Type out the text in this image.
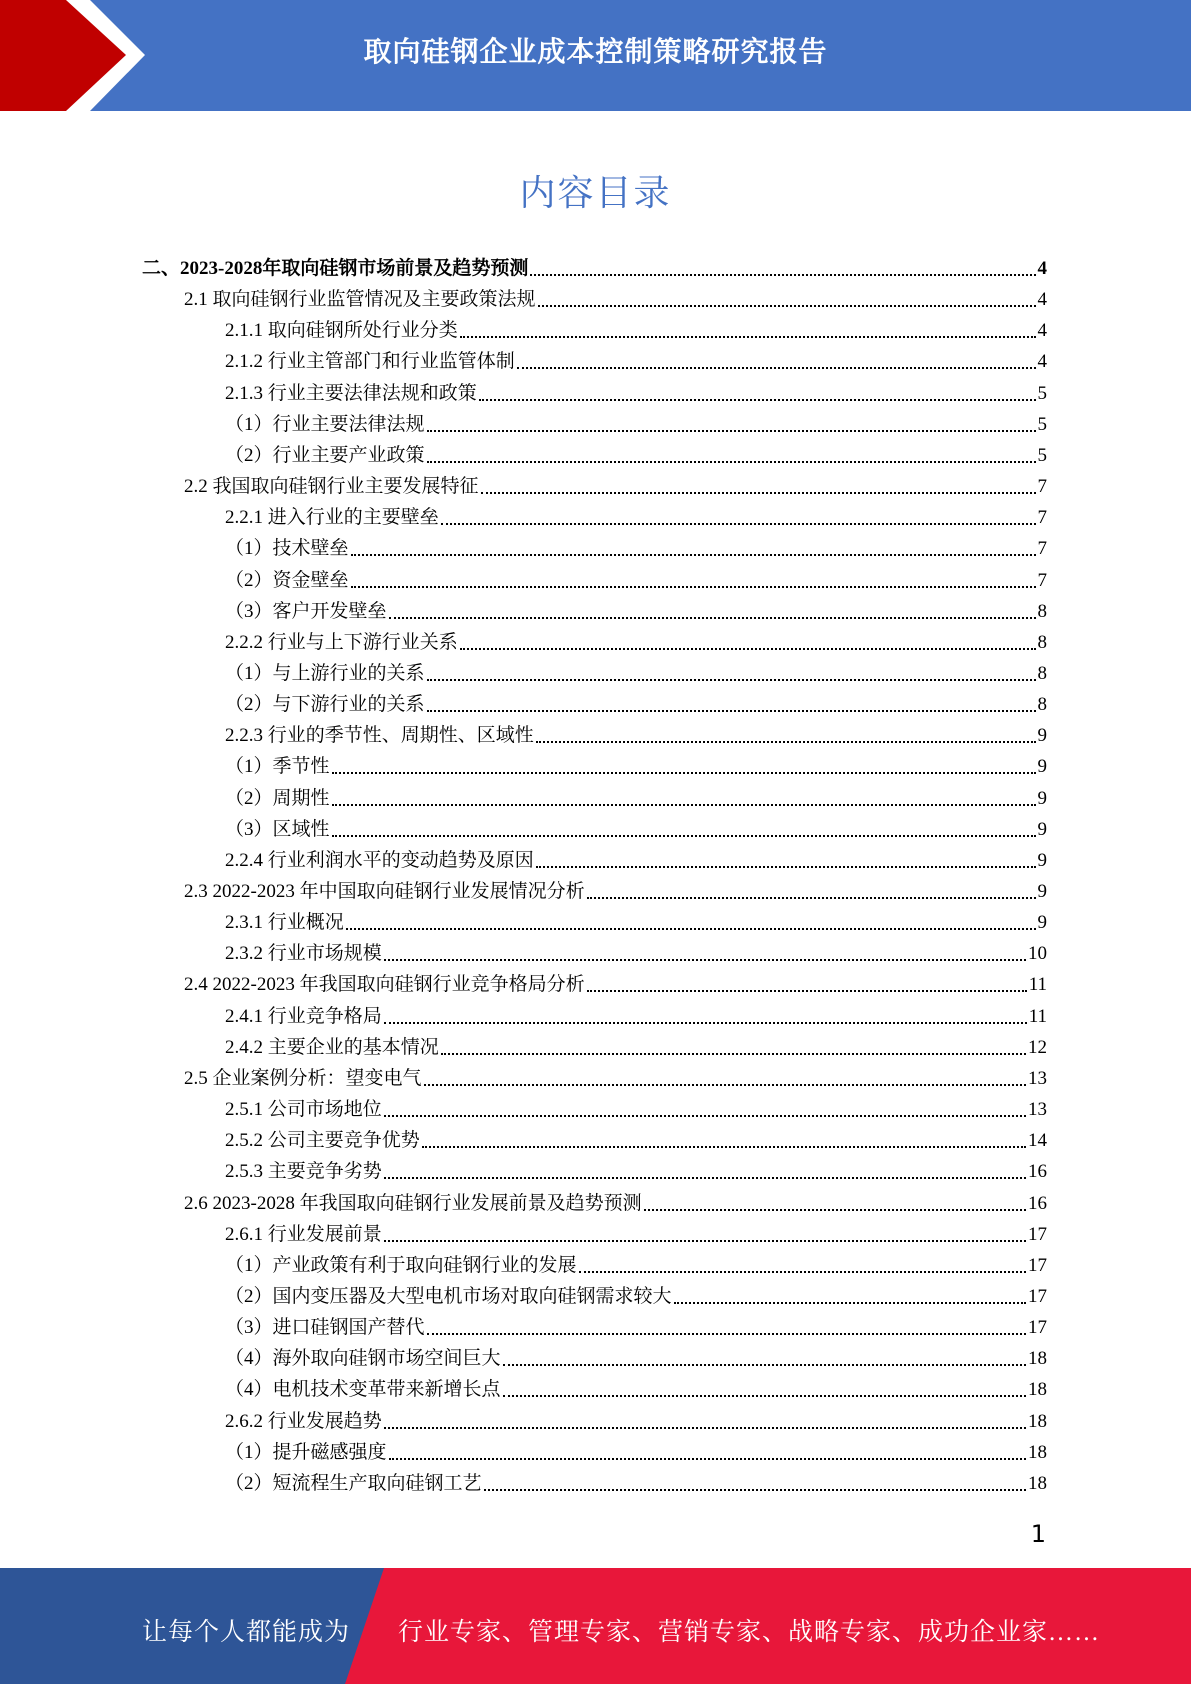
取向硅钢企业成本控制策略研究报告
内容目录
二、2023-2028年取向硅钢市场前景及趋势预测	4
2.1 取向硅钢行业监管情况及主要政策法规	4
2.1.1 取向硅钢所处行业分类	4
2.1.2 行业主管部门和行业监管体制	4
2.1.3 行业主要法律法规和政策	5
（1）行业主要法律法规	5
（2）行业主要产业政策	5
2.2 我国取向硅钢行业主要发展特征	7
2.2.1 进入行业的主要壁垒	7
（1）技术壁垒	7
（2）资金壁垒	7
（3）客户开发壁垒	8
2.2.2 行业与上下游行业关系	8
（1）与上游行业的关系	8
（2）与下游行业的关系	8
2.2.3 行业的季节性、周期性、区域性	9
（1）季节性	9
（2）周期性	9
（3）区域性	9
2.2.4 行业利润水平的变动趋势及原因	9
2.3 2022-2023 年中国取向硅钢行业发展情况分析	9
2.3.1 行业概况	9
2.3.2 行业市场规模	10
2.4 2022-2023 年我国取向硅钢行业竞争格局分析	11
2.4.1 行业竞争格局	11
2.4.2 主要企业的基本情况	12
2.5 企业案例分析：望变电气	13
2.5.1 公司市场地位	13
2.5.2 公司主要竞争优势	14
2.5.3 主要竞争劣势	16
2.6 2023-2028 年我国取向硅钢行业发展前景及趋势预测	16
2.6.1 行业发展前景	17
（1）产业政策有利于取向硅钢行业的发展	17
（2）国内变压器及大型电机市场对取向硅钢需求较大	17
（3）进口硅钢国产替代	17
（4）海外取向硅钢市场空间巨大	18
（4）电机技术变革带来新增长点	18
2.6.2 行业发展趋势	18
（1）提升磁感强度	18
（2）短流程生产取向硅钢工艺	18
1
让每个人都能成为 行业专家、管理专家、营销专家、战略专家、成功企业家……
